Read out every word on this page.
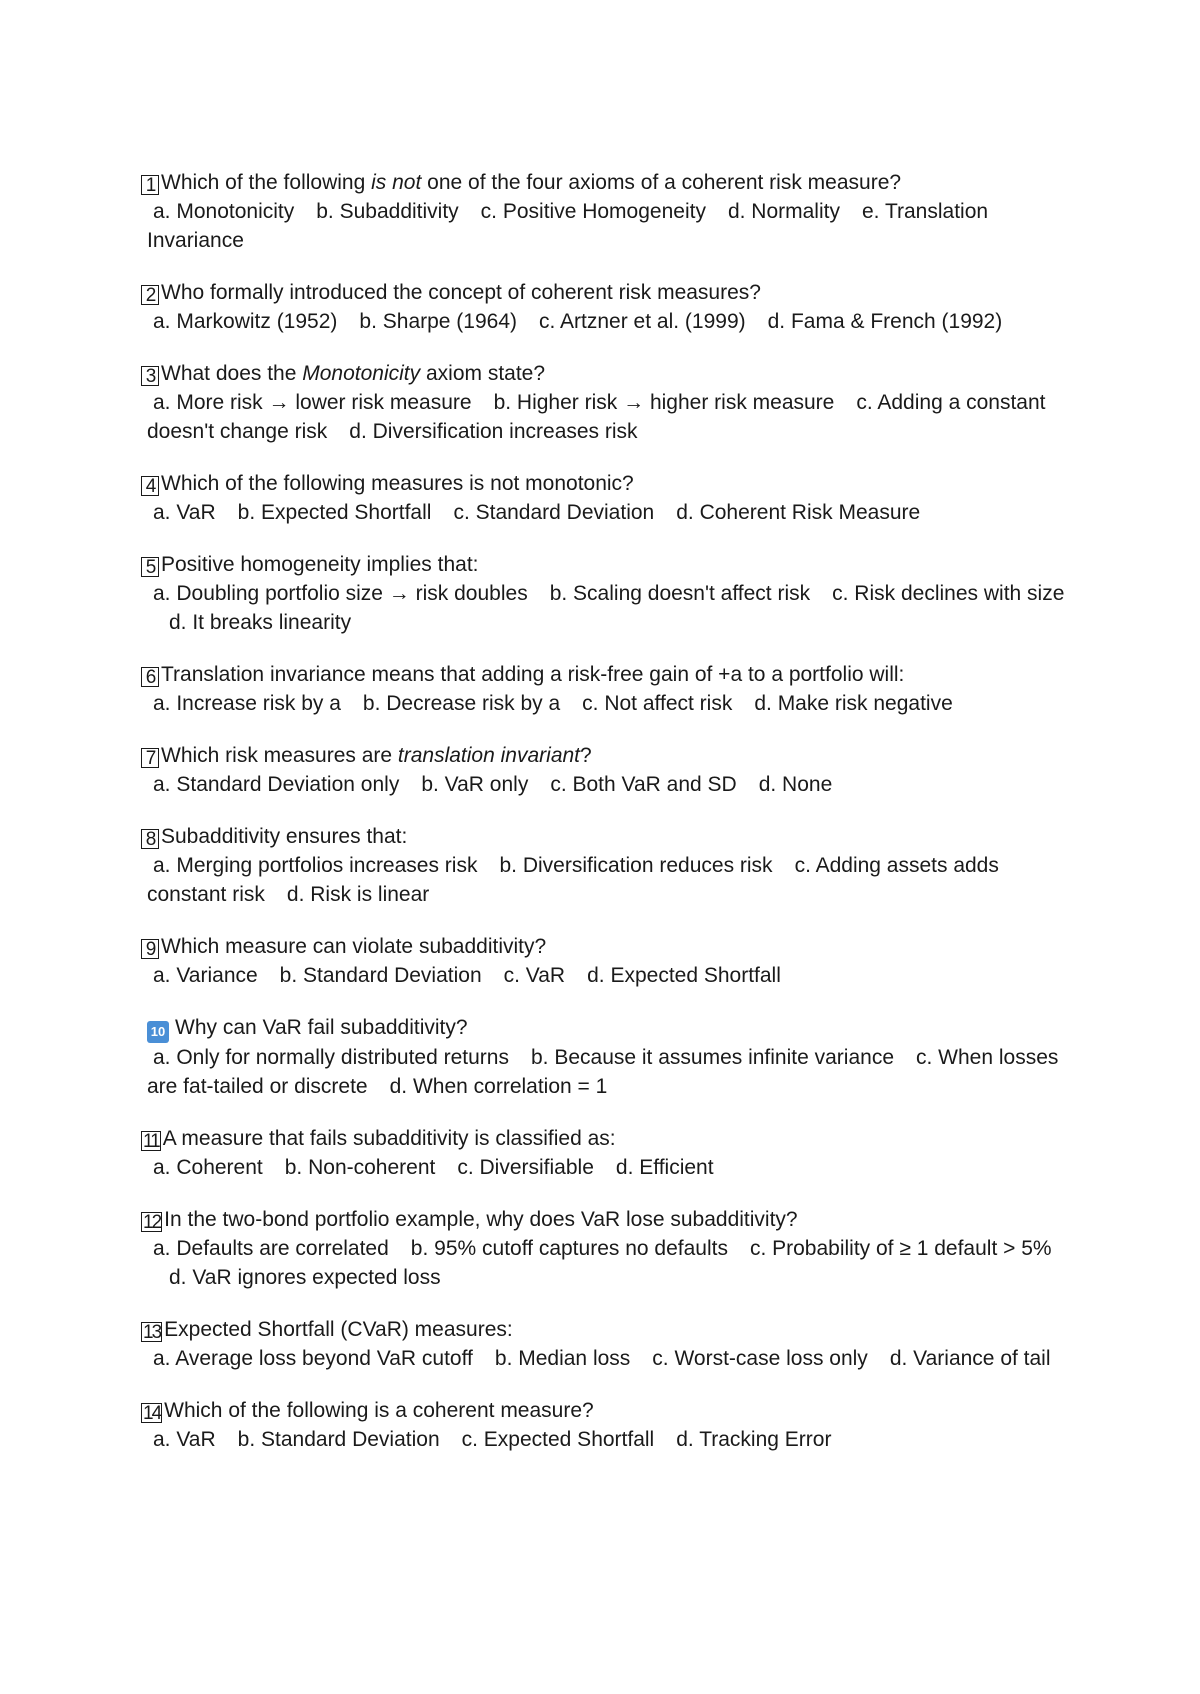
1 Which of the following is not one of the four axioms of a coherent risk measure?
a. Monotonicity b. Subadditivity c. Positive Homogeneity d. Normality e. Translation Invariance
2 Who formally introduced the concept of coherent risk measures?
a. Markowitz (1952) b. Sharpe (1964) c. Artzner et al. (1999) d. Fama & French (1992)
3 What does the Monotonicity axiom state?
a. More risk → lower risk measure b. Higher risk → higher risk measure c. Adding a constant doesn't change risk d. Diversification increases risk
4 Which of the following measures is not monotonic?
a. VaR b. Expected Shortfall c. Standard Deviation d. Coherent Risk Measure
5 Positive homogeneity implies that:
a. Doubling portfolio size → risk doubles b. Scaling doesn't affect risk c. Risk declines with sized. It breaks linearity
6 Translation invariance means that adding a risk-free gain of +a to a portfolio will:
a. Increase risk by a b. Decrease risk by a c. Not affect risk d. Make risk negative
7 Which risk measures are translation invariant?
a. Standard Deviation only b. VaR only c. Both VaR and SD d. None
8 Subadditivity ensures that:
a. Merging portfolios increases risk b. Diversification reduces risk c. Adding assets adds constant risk d. Risk is linear
9 Which measure can violate subadditivity?
a. Variance b. Standard Deviation c. VaR d. Expected Shortfall
10 Why can VaR fail subadditivity?
a. Only for normally distributed returns b. Because it assumes infinite variance c. When losses are fat-tailed or discrete d. When correlation = 1
11 A measure that fails subadditivity is classified as:
a. Coherent b. Non-coherent c. Diversifiable d. Efficient
12 In the two-bond portfolio example, why does VaR lose subadditivity?
a. Defaults are correlated b. 95% cutoff captures no defaults c. Probability of ≥ 1 default > 5%d. VaR ignores expected loss
13 Expected Shortfall (CVaR) measures:
a. Average loss beyond VaR cutoff b. Median loss c. Worst-case loss only d. Variance of tail
14 Which of the following is a coherent measure?
a. VaR b. Standard Deviation c. Expected Shortfall d. Tracking Error
